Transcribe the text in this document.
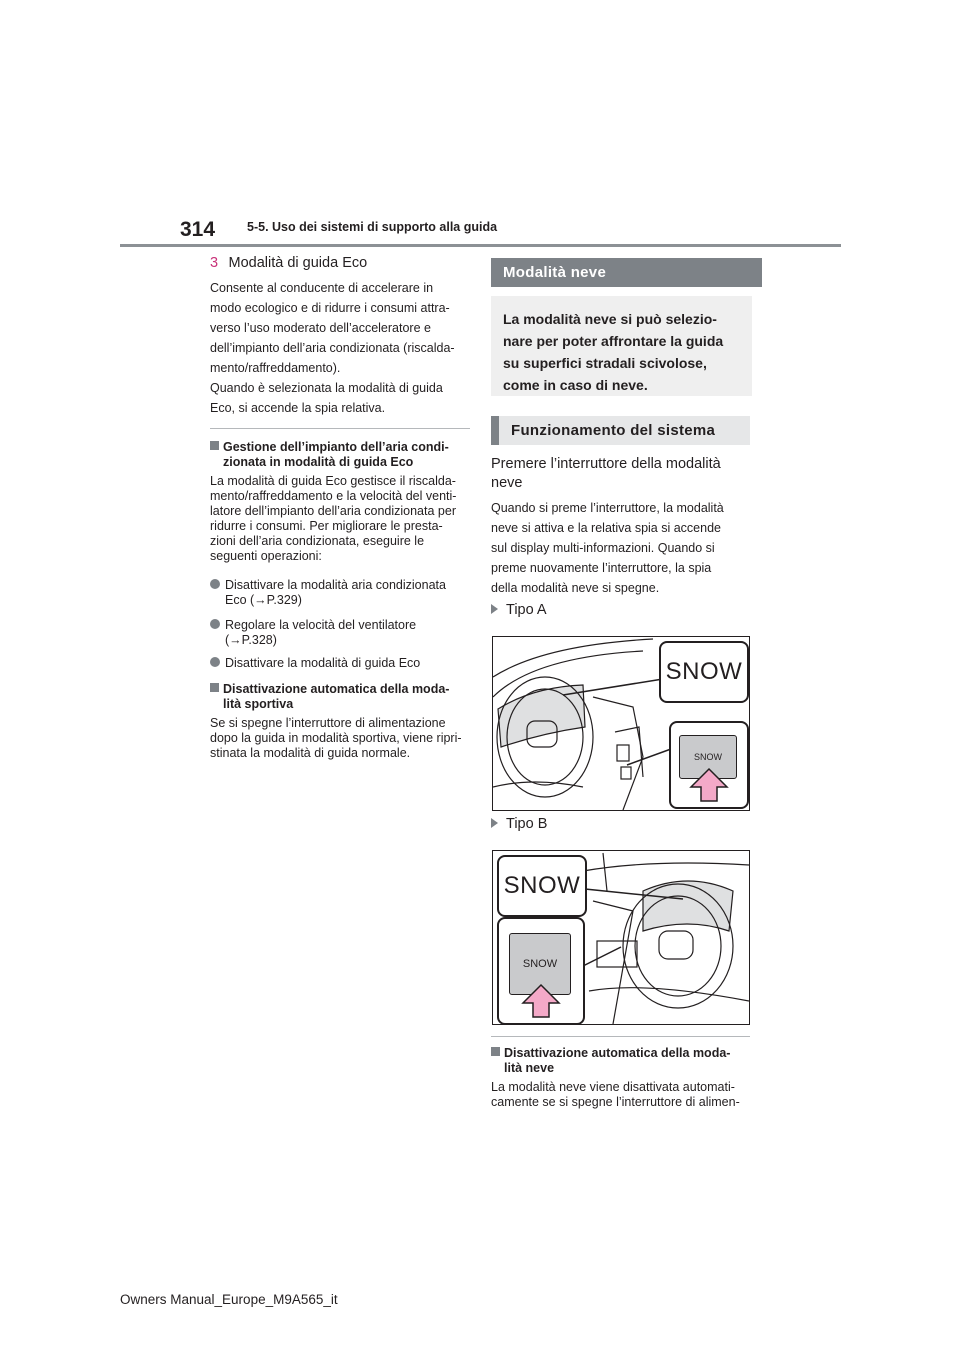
314	5-5. Uso dei sistemi di supporto alla guida
3 Modalità di guida Eco

Consente al conducente di accelerare in

modo ecologico e di ridurre i consumi attra-

verso l’uso moderato dell’acceleratore e

dell’impianto dell’aria condizionata (riscalda-

mento/raffreddamento).

Quando è selezionata la modalità di guida

Eco, si accende la spia relativa.

Gestione dell’impianto dell’aria condi-

zionata in modalità di guida Eco

La modalità di guida Eco gestisce il riscalda-

mento/raffreddamento e la velocità del venti-

latore dell’impianto dell’aria condizionata per

ridurre i consumi. Per migliorare le presta-

zioni dell’aria condizionata, eseguire le

seguenti operazioni:

Disattivare la modalità aria condizionata

Eco (→P.329)

Regolare la velocità del ventilatore

(→P.328)

Disattivare la modalità di guida Eco

Disattivazione automatica della moda-

lità sportiva

Se si spegne l’interruttore di alimentazione

dopo la guida in modalità sportiva, viene ripri-

stinata la modalità di guida normale.

Modalità neve
La modalità neve si può selezio-
nare per poter affrontare la guida
su superfici stradali scivolose,
come in caso di neve.
Funzionamento del sistema
Premere l’interruttore della modalità
neve

Quando si preme l’interruttore, la modalità

neve si attiva e la relativa spia si accende

sul display multi-informazioni. Quando si

preme nuovamente l’interruttore, la spia

della modalità neve si spegne.

Tipo A
SNOW
SNOW
Tipo B
SNOW
SNOW

Disattivazione automatica della moda-

lità neve

La modalità neve viene disattivata automati-

camente se si spegne l’interruttore di alimen-

Owners Manual_Europe_M9A565_it
